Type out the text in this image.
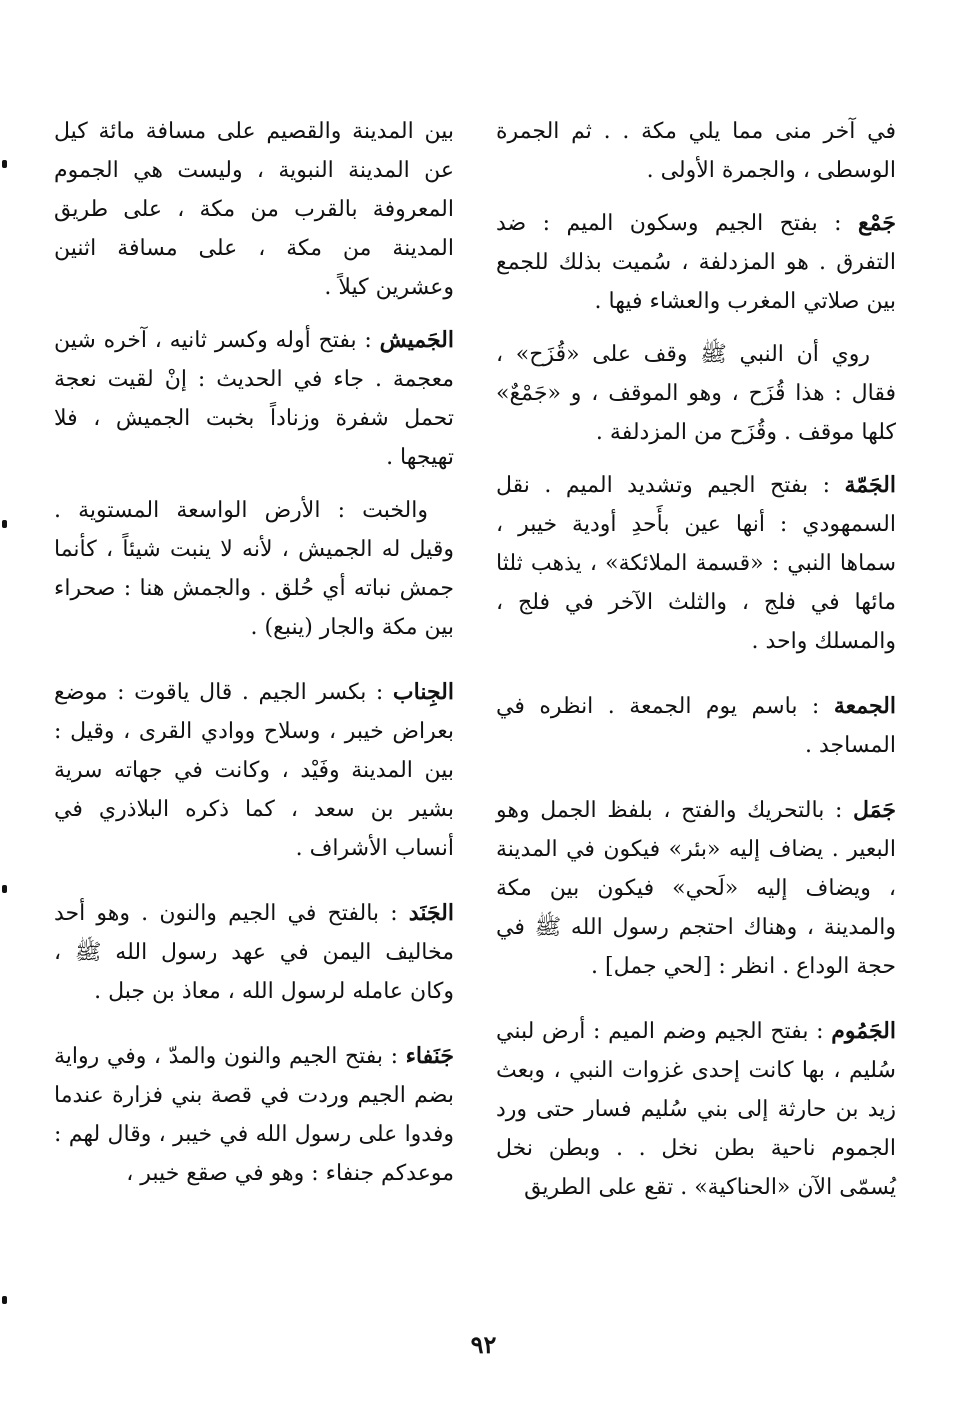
في آخر منى مما يلي مكة . . ثم الجمرة الوسطى ، والجمرة الأولى .

جَمْع : بفتح الجيم وسكون الميم : ضد التفرق . هو المزدلفة ، سُميت بذلك للجمع بين صلاتي المغرب والعشاء فيها .

روي أن النبي ﷺ وقف على «قُزَح» ، فقال : هذا قُزَح ، وهو الموقف ، و «جَمْعٌ» كلها موقف . وقُزَح من المزدلفة .

الجَمّة : بفتح الجيم وتشديد الميم . نقل السمهودي : أنها عين بأَحدِ أودية خيبر ، سماها النبي : «قسمة الملائكة» ، يذهب ثلثا مائها في فلج ، والثلث الآخر في فلج ، والمسلك واحد .

الجمعة : باسم يوم الجمعة . انظره في المساجد .

جَمَل : بالتحريك والفتح ، بلفظ الجمل وهو البعير . يضاف إليه «بئر» فيكون في المدينة ، ويضاف إليه «لَحي» فيكون بين مكة والمدينة ، وهناك احتجم رسول الله ﷺ في حجة الوداع . انظر : [لحي جمل] .

الجَمُوم : بفتح الجيم وضم الميم : أرض لبني سُليم ، بها كانت إحدى غزوات النبي ، وبعث زيد بن حارثة إلى بني سُليم فسار حتى ورد الجموم ناحية بطن نخل . . وبطن نخل يُسمّى الآن «الحناكية» . تقع على الطريق

بين المدينة والقصيم على مسافة مائة كيل عن المدينة النبوية ، وليست هي الجموم المعروفة بالقرب من مكة ، على طريق المدينة من مكة ، على مسافة اثنين وعشرين كيلاً .

الجَميش : بفتح أوله وكسر ثانيه ، آخره شين معجمة . جاء في الحديث : إنْ لقيت نعجة تحمل شفرة وزناداً بخبت الجميش ، فلا تهيجها .

والخبت : الأرض الواسعة المستوية . وقيل له الجميش ، لأنه لا ينبت شيئاً ، كأنما جمش نباته أي حُلق . والجمش هنا : صحراء بين مكة والجار (ينبع) .

الجِناب : بكسر الجيم . قال ياقوت : موضع بعراض خيبر ، وسلاح ووادي القرى ، وقيل : بين المدينة وفَيْد ، وكانت في جهاته سرية بشير بن سعد ، كما ذكره البلاذري في أنساب الأشراف .

الجَنَد : بالفتح في الجيم والنون . وهو أحد مخاليف اليمن في عهد رسول الله ﷺ ، وكان عامله لرسول الله ، معاذ بن جبل .

جَنَفاء : بفتح الجيم والنون والمدّ ، وفي رواية بضم الجيم وردت في قصة بني فزارة عندما وفدوا على رسول الله في خيبر ، وقال لهم : موعدكم جنفاء : وهو في صقع خيبر ،

٩٢
